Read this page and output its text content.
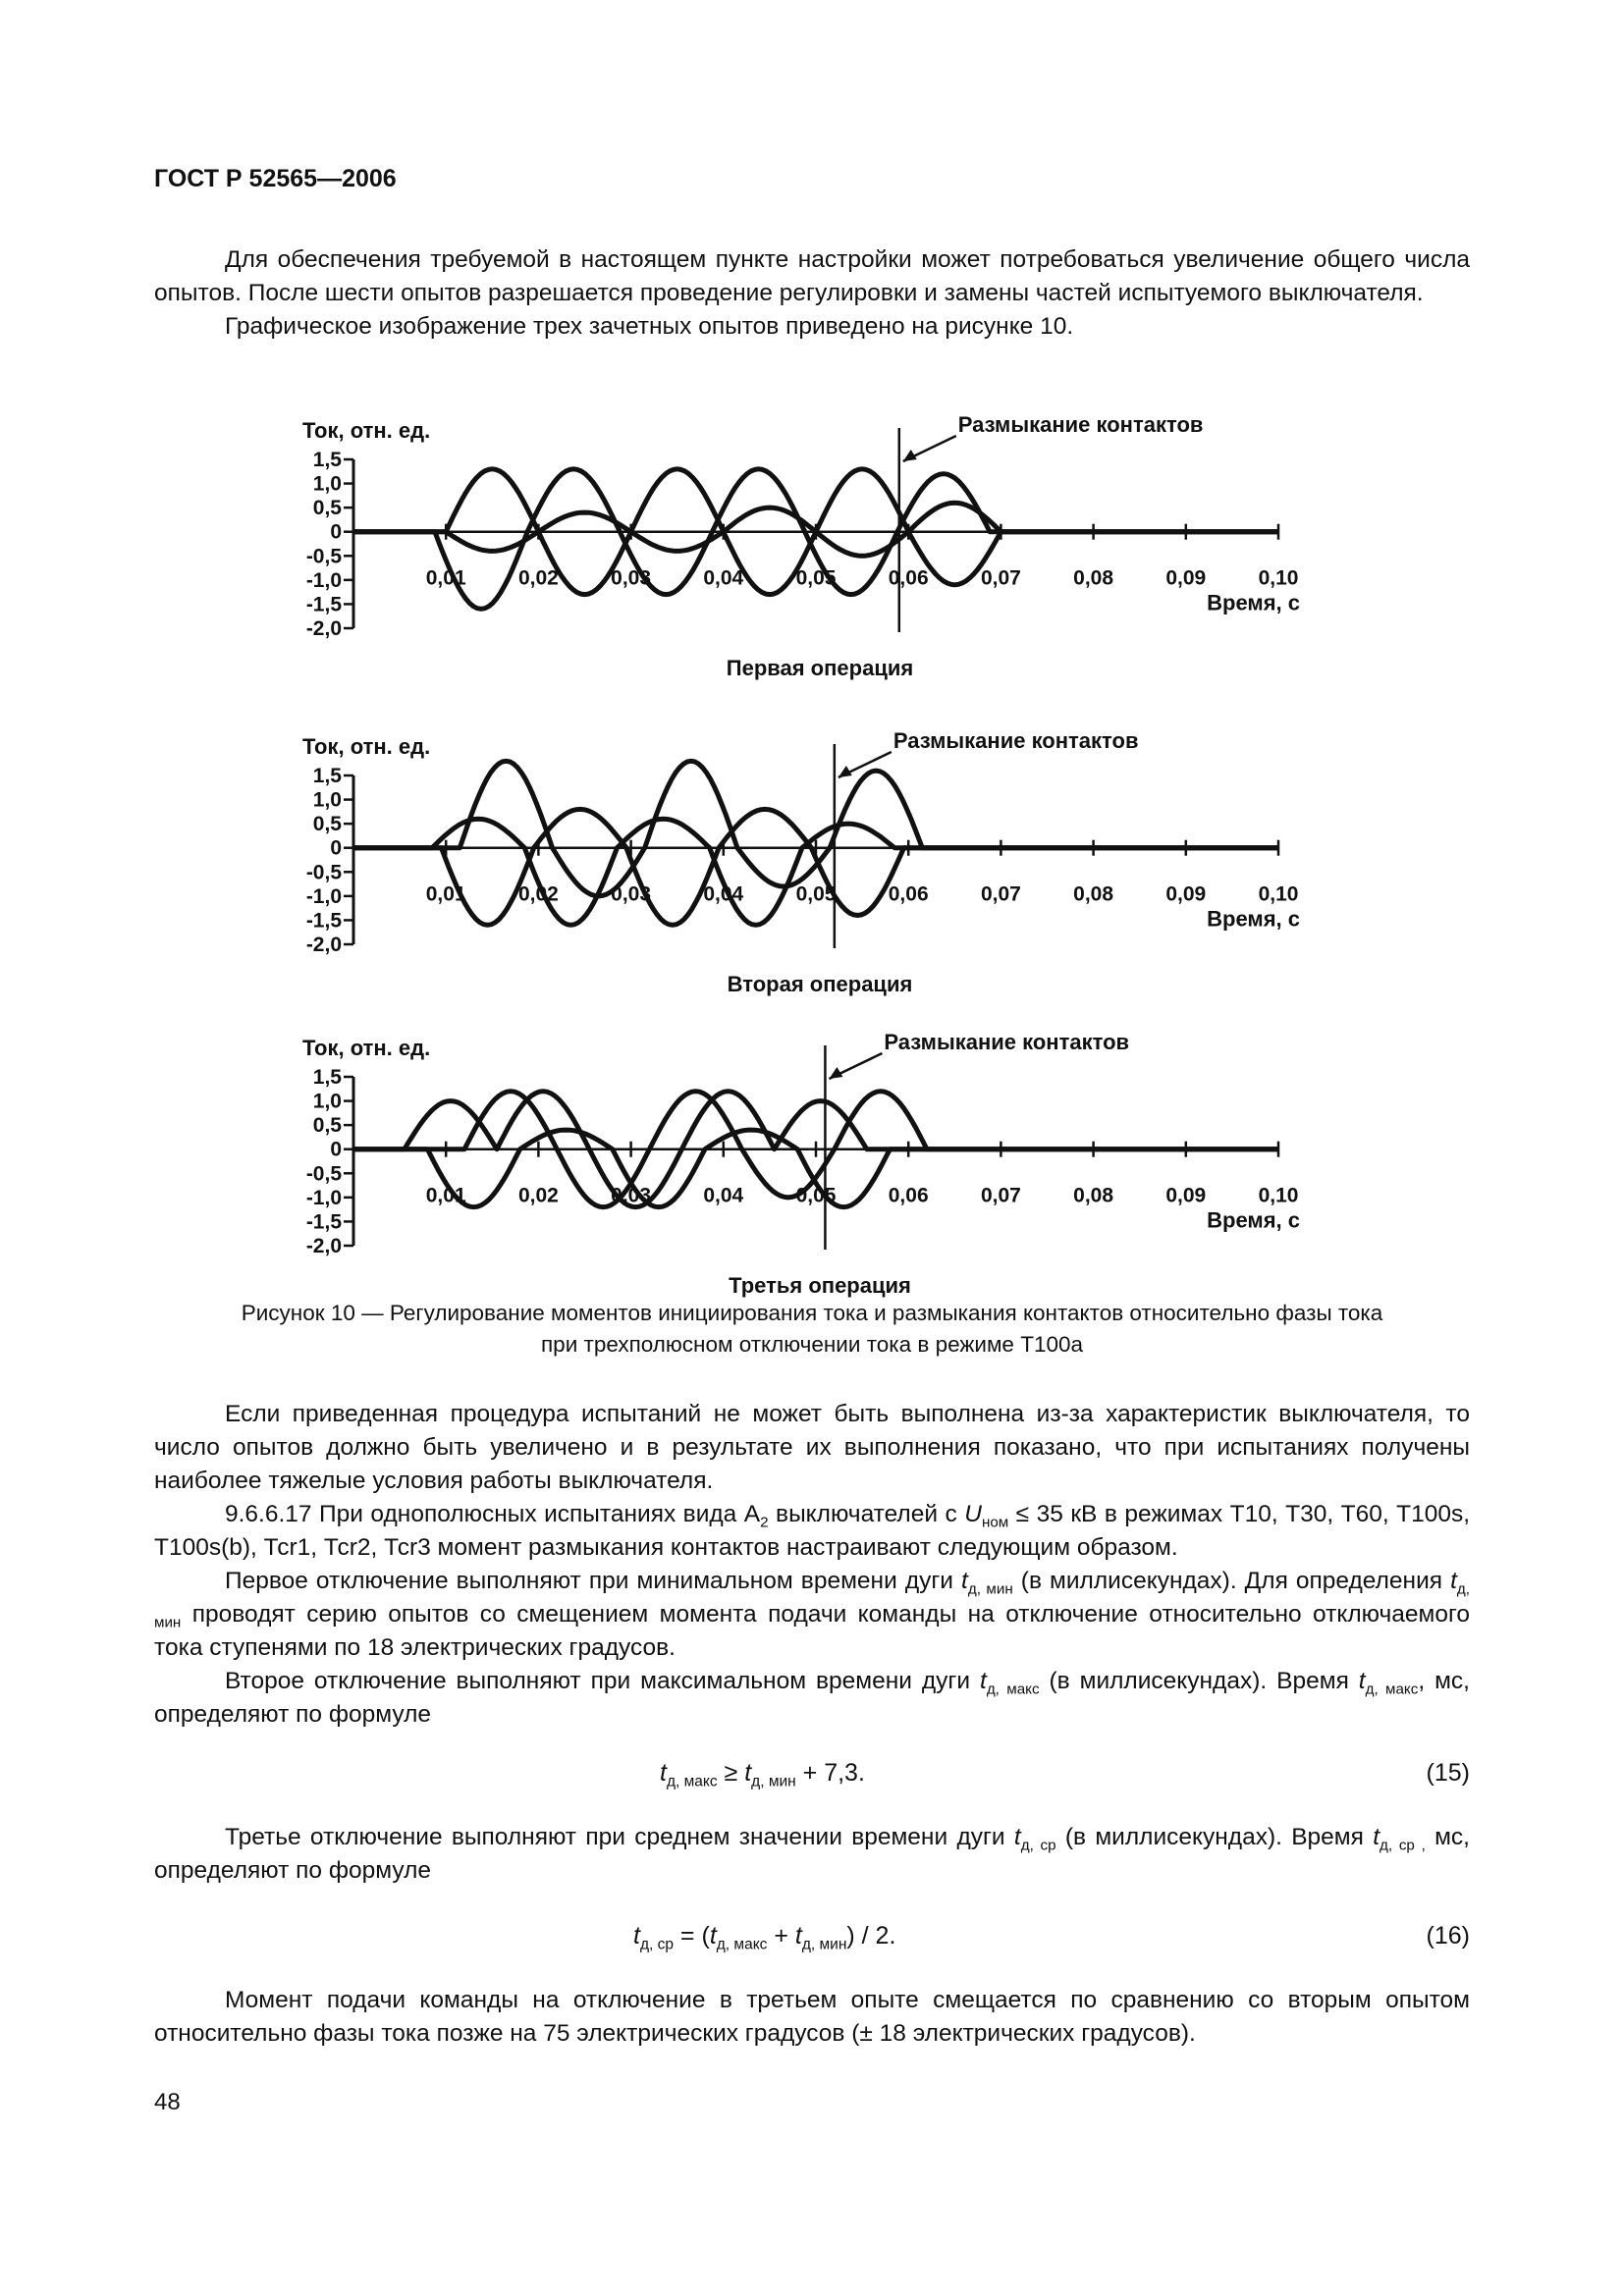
ГОСТ Р 52565—2006
Для обеспечения требуемой в настоящем пункте настройки может потребоваться увеличение общего числа опытов. После шести опытов разрешается проведение регулировки и замены частей испытуемого выключателя.
Графическое изображение трех зачетных опытов приведено на рисунке 10.
Ток, отн. ед.
1,5
1,0
0,5
0
-0,5
-1,0
-1,5
-2,0
0,01	0,02	0,03	0,04	0,05	0,06	0,07	0,08	0,09	0,10
Время, с
Размыкание контактов
Первая операция
Ток, отн. ед.
1,5
1,0
0,5
0
-0,5
-1,0
-1,5
-2,0
0,01	0,02	0,03	0,04	0,05	0,06	0,07	0,08	0,09	0,10
Время, с
Размыкание контактов
Вторая операция
Ток, отн. ед.
1,5
1,0
0,5
0
-0,5
-1,0
-1,5
-2,0
0,01	0,02	0,03	0,04	0,05	0,06	0,07	0,08	0,09	0,10
Время, с
Размыкание контактов
Третья операция
Рисунок 10 — Регулирование моментов инициирования тока и размыкания контактов относительно фазы тока
при трехполюсном отключении тока в режиме Т100а
Если приведенная процедура испытаний не может быть выполнена из-за характеристик выключателя, то число опытов должно быть увеличено и в результате их выполнения показано, что при испытаниях получены наиболее тяжелые условия работы выключателя.
9.6.6.17 При однополюсных испытаниях вида $А_2$ выключателей с $U_{ном} \le 35$ кВ в режимах Т10, Т30, Т60, Т100s, Т100s(b), Тсr1, Тсr2, Тсr3 момент размыкания контактов настраивают следующим образом.
Первое отключение выполняют при минимальном времени дуги $t_{д, мин}$ (в миллисекундах). Для определения $t_{д, мин}$ проводят серию опытов со смещением момента подачи команды на отключение относительно отключаемого тока ступенями по 18 электрических градусов.
Второе отключение выполняют при максимальном времени дуги $t_{д, макс}$ (в миллисекундах). Время $t_{д, макс}$, мс, определяют по формуле
$t_{д, макс} \ge t_{д, мин} + 7,3$.	(15)
Третье отключение выполняют при среднем значении времени дуги $t_{д, ср}$ (в миллисекундах). Время $t_{д, ср ,}$ мс, определяют по формуле
$t_{д, ср} = (t_{д, макс} + t_{д, мин}) / 2$.	(16)
Момент подачи команды на отключение в третьем опыте смещается по сравнению со вторым опытом относительно фазы тока позже на 75 электрических градусов (± 18 электрических градусов).
48
